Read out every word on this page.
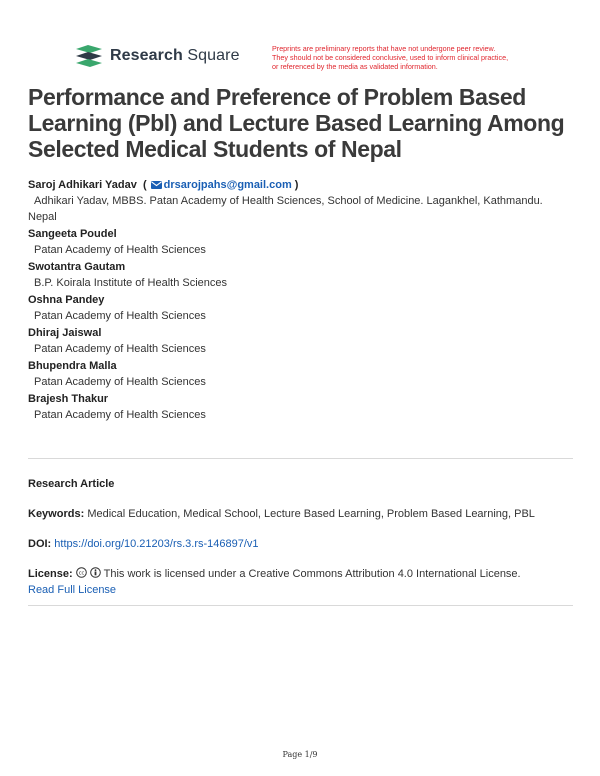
Research Square	Preprints are preliminary reports that have not undergone peer review.
They should not be considered conclusive, used to inform clinical practice,
or referenced by the media as validated information.
Performance and Preference of Problem Based Learning (Pbl) and Lecture Based Learning Among Selected Medical Students of Nepal
Saroj Adhikari Yadav  ( drsarojpahs@gmail.com )
Adhikari Yadav, MBBS. Patan Academy of Health Sciences, School of Medicine. Lagankhel, Kathmandu.
Nepal
Sangeeta Poudel
Patan Academy of Health Sciences
Swotantra Gautam
B.P. Koirala Institute of Health Sciences
Oshna Pandey
Patan Academy of Health Sciences
Dhiraj Jaiswal
Patan Academy of Health Sciences
Bhupendra Malla
Patan Academy of Health Sciences
Brajesh Thakur
Patan Academy of Health Sciences
Research Article
Keywords: Medical Education, Medical School, Lecture Based Learning, Problem Based Learning, PBL
DOI: https://doi.org/10.21203/rs.3.rs-146897/v1
License: cc This work is licensed under a Creative Commons Attribution 4.0 International License.
Read Full License
Page 1/9
